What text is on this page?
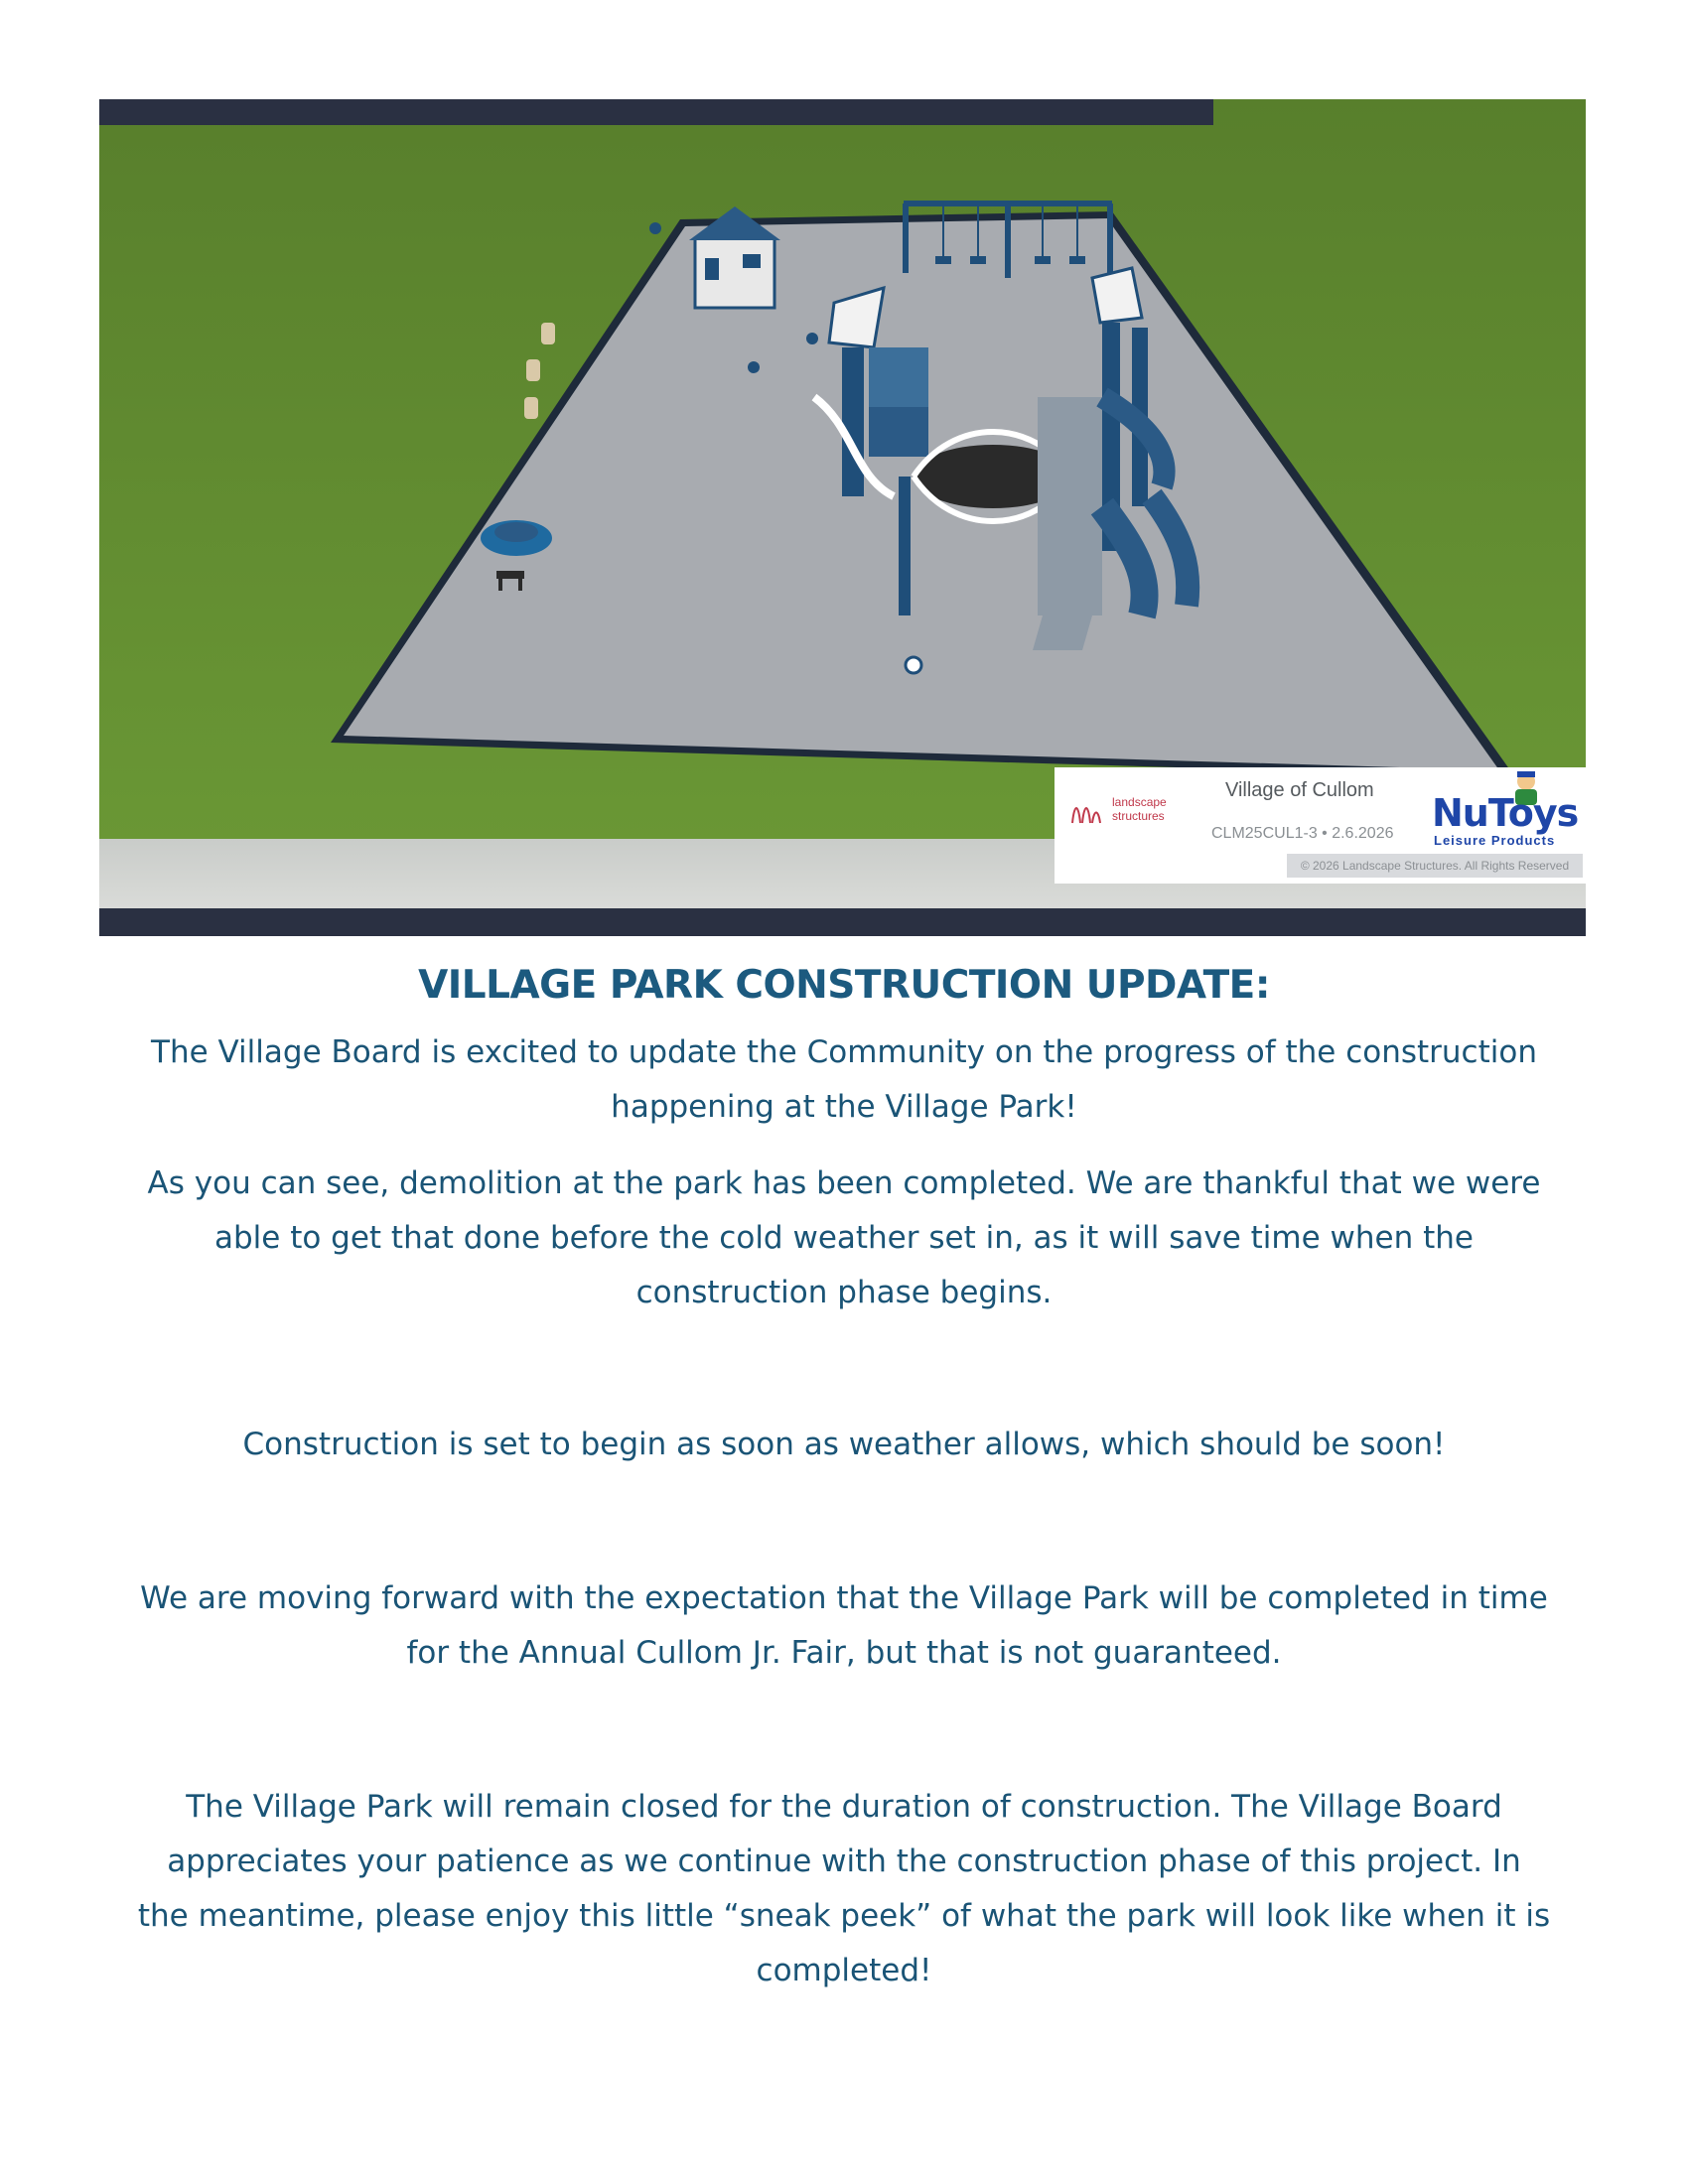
landscape
structures
Village of Cullom
CLM25CUL1-3 • 2.6.2026 NuToys
Leisure Products
© 2026 Landscape Structures. All Rights Reserved
VILLAGE PARK CONSTRUCTION UPDATE:

The Village Board is excited to update the Community on the progress of the construction
happening at the Village Park!

As you can see, demolition at the park has been completed. We are thankful that we were
able to get that done before the cold weather set in, as it will save time when the
construction phase begins.

Construction is set to begin as soon as weather allows, which should be soon!

We are moving forward with the expectation that the Village Park will be completed in time
for the Annual Cullom Jr. Fair, but that is not guaranteed.

The Village Park will remain closed for the duration of construction. The Village Board
appreciates your patience as we continue with the construction phase of this project. In
the meantime, please enjoy this little “sneak peek” of what the park will look like when it is
completed!
